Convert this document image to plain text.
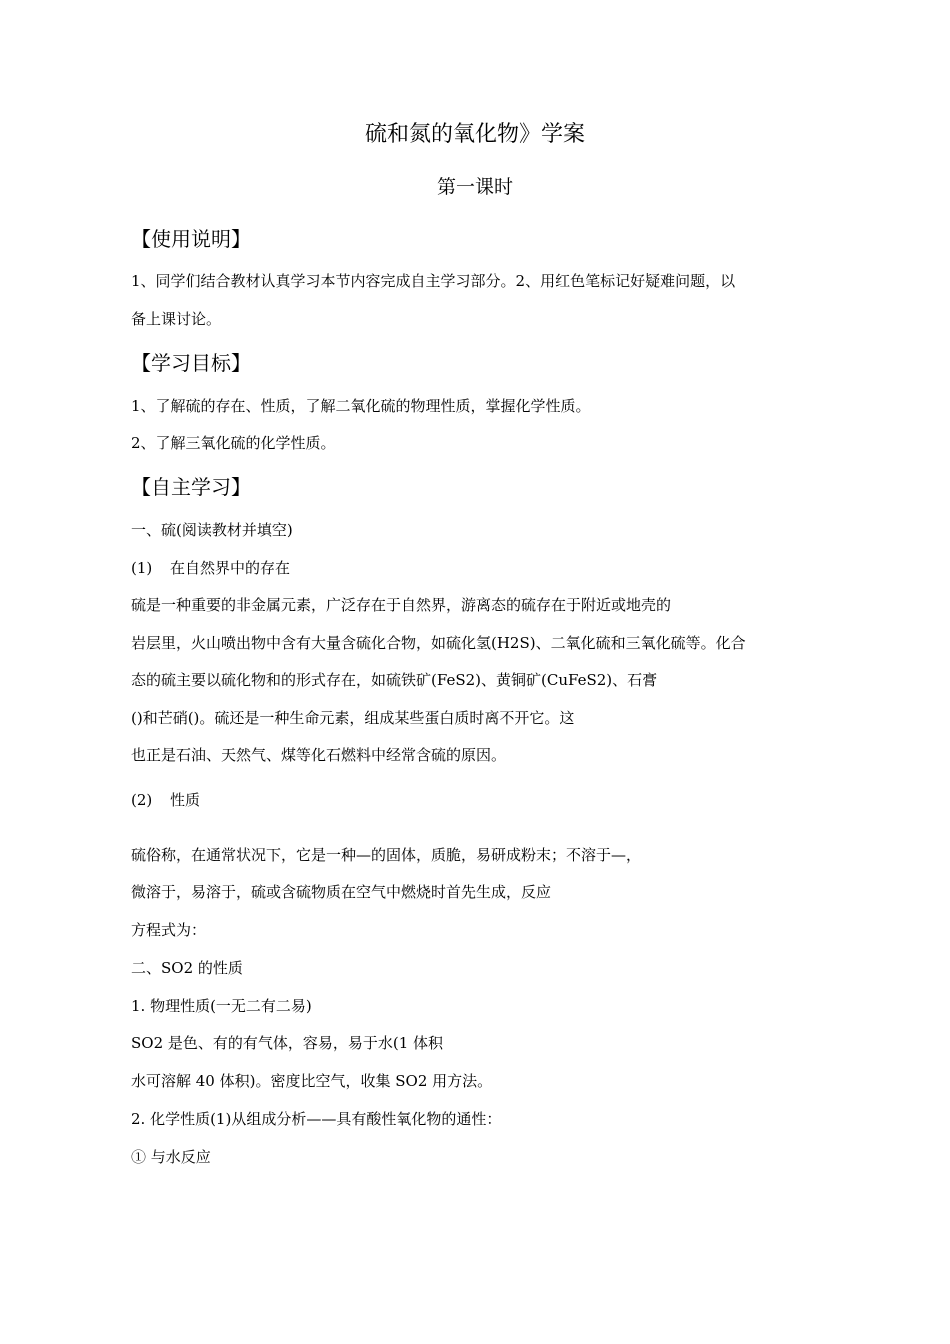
硫和氮的氧化物》学案
第一课时
【使用说明】
1、同学们结合教材认真学习本节内容完成自主学习部分。2、用红色笔标记好疑难问题，以
备上课讨论。
【学习目标】
1、了解硫的存在、性质，了解二氧化硫的物理性质，掌握化学性质。
2、了解三氧化硫的化学性质。
【自主学习】
一、硫(阅读教材并填空)
(1) 在自然界中的存在
硫是一种重要的非金属元素，广泛存在于自然界，游离态的硫存在于附近或地壳的
岩层里，火山喷出物中含有大量含硫化合物，如硫化氢(H2S)、二氧化硫和三氧化硫等。化合
态的硫主要以硫化物和的形式存在，如硫铁矿(FeS2)、黄铜矿(CuFeS2)、石膏
()和芒硝()。硫还是一种生命元素，组成某些蛋白质时离不开它。这
也正是石油、天然气、煤等化石燃料中经常含硫的原因。
(2) 性质
硫俗称，在通常状况下，它是一种—的固体，质脆，易研成粉末；不溶于—，
微溶于，易溶于，硫或含硫物质在空气中燃烧时首先生成，反应
方程式为：
二、SO2 的性质
1. 物理性质(一无二有二易)
SO2 是色、有的有气体，容易，易于水(1 体积
水可溶解 40 体积)。密度比空气，收集 SO2 用方法。
2. 化学性质(1)从组成分析——具有酸性氧化物的通性：
① 与水反应
